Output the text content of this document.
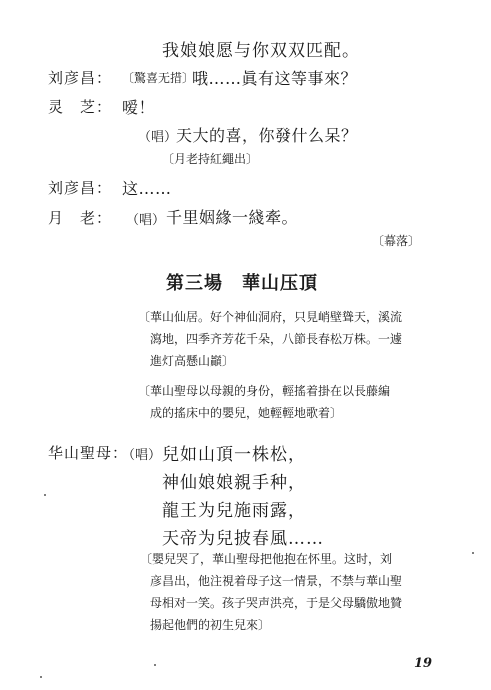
我娘娘愿与你双双匹配。
刘彦昌： 〔驚喜无措〕
哦……眞有这等事來？
灵　芝： 嗳！
（唱）
天大的喜，你發什么呆？
〔月老持紅繩出〕
刘彦昌： 这……
月　老： （唱） 千里姻緣一綫牽。
〔幕落〕
第三場　華山压頂
〔華山仙居。好个神仙洞府，只見峭壁聳天，溪流
瀉地，四季齐芳花千朵，八節長春松万株。一遽
進灯高懸山巓〕
〔華山聖母以母親的身份，輕搖着掛在以長藤編
成的搖床中的嬰兒，她輕輕地歌着〕
华山聖母：
（唱） 兒如山頂一株松，
神仙娘娘親手种，
龍王为兒施雨露，
天帝为兒披春風……
〔嬰兒哭了，華山聖母把他抱在怀里。这时，刘
彦昌出，他注視着母子这一情景，不禁与華山聖
母相对一笑。孩子哭声洪亮，于是父母驕傲地贊
揚起他們的初生兒來〕
19
